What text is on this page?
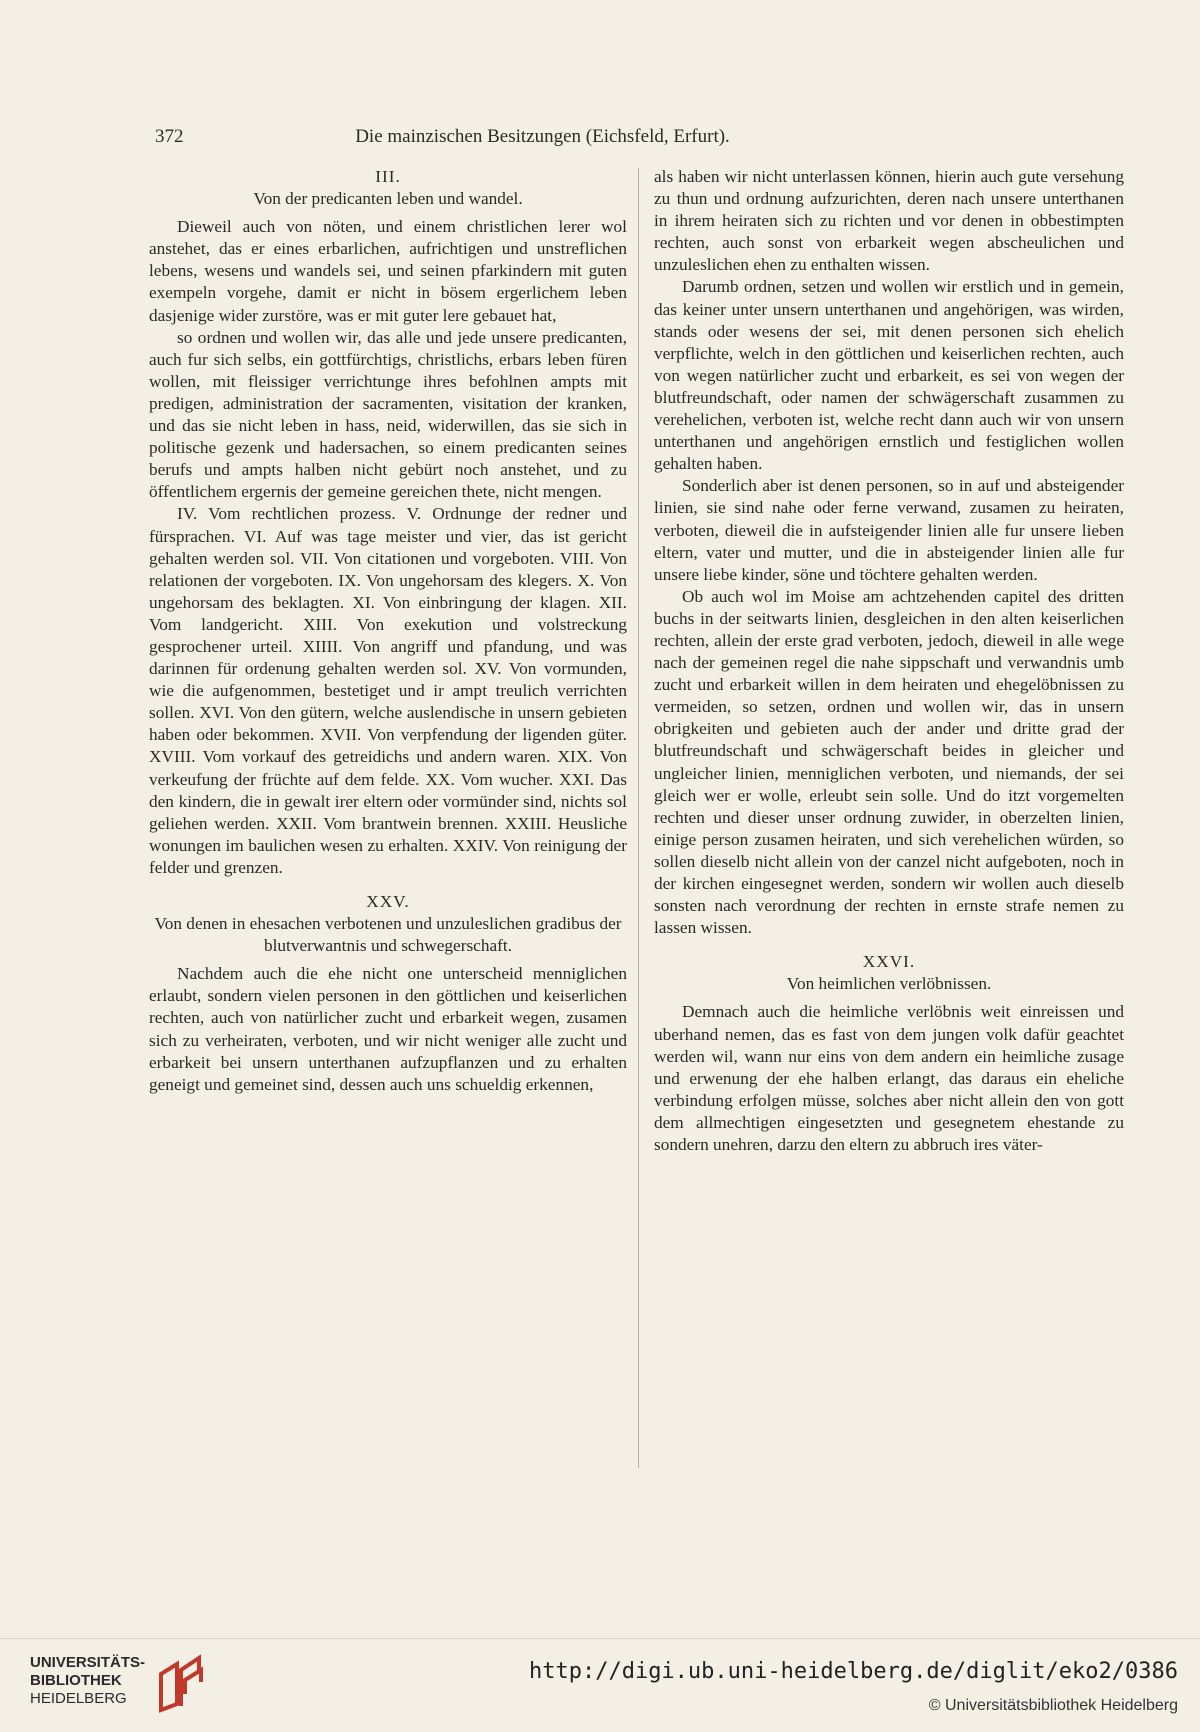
372	Die mainzischen Besitzungen (Eichsfeld, Erfurt).

III.

Von der predicanten leben und wandel.

Dieweil auch von nöten, und einem christlichen lerer wol anstehet, das er eines erbarlichen, aufrichtigen und unstreflichen lebens, wesens und wandels sei, und seinen pfarkindern mit guten exempeln vorgehe, damit er nicht in bösem ergerlichem leben dasjenige wider zurstöre, was er mit guter lere gebauet hat,

so ordnen und wollen wir, das alle und jede unsere predicanten, auch fur sich selbs, ein gottfürchtigs, christlichs, erbars leben füren wollen, mit fleissiger verrichtunge ihres befohlnen ampts mit predigen, administration der sacramenten, visitation der kranken, und das sie nicht leben in hass, neid, widerwillen, das sie sich in politische gezenk und hadersachen, so einem predicanten seines berufs und ampts halben nicht gebürt noch anstehet, und zu öffentlichem ergernis der gemeine gereichen thete, nicht mengen.

IV. Vom rechtlichen prozess. V. Ordnunge der redner und fürsprachen. VI. Auf was tage meister und vier, das ist gericht gehalten werden sol. VII. Von citationen und vorgeboten. VIII. Von relationen der vorgeboten. IX. Von ungehorsam des klegers. X. Von ungehorsam des beklagten. XI. Von einbringung der klagen. XII. Vom landgericht. XIII. Von exekution und volstreckung gesprochener urteil. XIIII. Von angriff und pfandung, und was darinnen für ordenung gehalten werden sol. XV. Von vormunden, wie die aufgenommen, bestetiget und ir ampt treulich verrichten sollen. XVI. Von den gütern, welche auslendische in unsern gebieten haben oder bekommen. XVII. Von verpfendung der ligenden güter. XVIII. Vom vorkauf des getreidichs und andern waren. XIX. Von verkeufung der früchte auf dem felde. XX. Vom wucher. XXI. Das den kindern, die in gewalt irer eltern oder vormünder sind, nichts sol geliehen werden. XXII. Vom brantwein brennen. XXIII. Heusliche wonungen im baulichen wesen zu erhalten. XXIV. Von reinigung der felder und grenzen.

XXV.

Von denen in ehesachen verbotenen und unzuleslichen gradibus der blutverwantnis und schwegerschaft.

Nachdem auch die ehe nicht one unterscheid menniglichen erlaubt, sondern vielen personen in den göttlichen und keiserlichen rechten, auch von natürlicher zucht und erbarkeit wegen, zusamen sich zu verheiraten, verboten, und wir nicht weniger alle zucht und erbarkeit bei unsern unterthanen aufzupflanzen und zu erhalten geneigt und gemeinet sind, dessen auch uns schueldig erkennen,

als haben wir nicht unterlassen können, hierin auch gute versehung zu thun und ordnung aufzurichten, deren nach unsere unterthanen in ihrem heiraten sich zu richten und vor denen in obbestimpten rechten, auch sonst von erbarkeit wegen abscheulichen und unzuleslichen ehen zu enthalten wissen.

Darumb ordnen, setzen und wollen wir erstlich und in gemein, das keiner unter unsern unterthanen und angehörigen, was wirden, stands oder wesens der sei, mit denen personen sich ehelich verpflichte, welch in den göttlichen und keiserlichen rechten, auch von wegen natürlicher zucht und erbarkeit, es sei von wegen der blutfreundschaft, oder namen der schwägerschaft zusammen zu verehelichen, verboten ist, welche recht dann auch wir von unsern unterthanen und angehörigen ernstlich und festiglichen wollen gehalten haben.

Sonderlich aber ist denen personen, so in auf und absteigender linien, sie sind nahe oder ferne verwand, zusamen zu heiraten, verboten, dieweil die in aufsteigender linien alle fur unsere lieben eltern, vater und mutter, und die in absteigender linien alle fur unsere liebe kinder, söne und töchtere gehalten werden.

Ob auch wol im Moise am achtzehenden capitel des dritten buchs in der seitwarts linien, desgleichen in den alten keiserlichen rechten, allein der erste grad verboten, jedoch, dieweil in alle wege nach der gemeinen regel die nahe sippschaft und verwandnis umb zucht und erbarkeit willen in dem heiraten und ehegelöbnissen zu vermeiden, so setzen, ordnen und wollen wir, das in unsern obrigkeiten und gebieten auch der ander und dritte grad der blutfreundschaft und schwägerschaft beides in gleicher und ungleicher linien, menniglichen verboten, und niemands, der sei gleich wer er wolle, erleubt sein solle. Und do itzt vorgemelten rechten und dieser unser ordnung zuwider, in oberzelten linien, einige person zusamen heiraten, und sich verehelichen würden, so sollen dieselb nicht allein von der canzel nicht aufgeboten, noch in der kirchen eingesegnet werden, sondern wir wollen auch dieselb sonsten nach verordnung der rechten in ernste strafe nemen zu lassen wissen.

XXVI.

Von heimlichen verlöbnissen.

Demnach auch die heimliche verlöbnis weit einreissen und uberhand nemen, das es fast von dem jungen volk dafür geachtet werden wil, wann nur eins von dem andern ein heimliche zusage und erwenung der ehe halben erlangt, das daraus ein eheliche verbindung erfolgen müsse, solches aber nicht allein den von gott dem allmechtigen eingesetzten und gesegnetem ehestande zu sondern unehren, darzu den eltern zu abbruch ires väter-

UNIVERSITÄTS-
BIBLIOTHEK
HEIDELBERG
http://digi.ub.uni-heidelberg.de/diglit/eko2/0386
© Universitätsbibliothek Heidelberg
